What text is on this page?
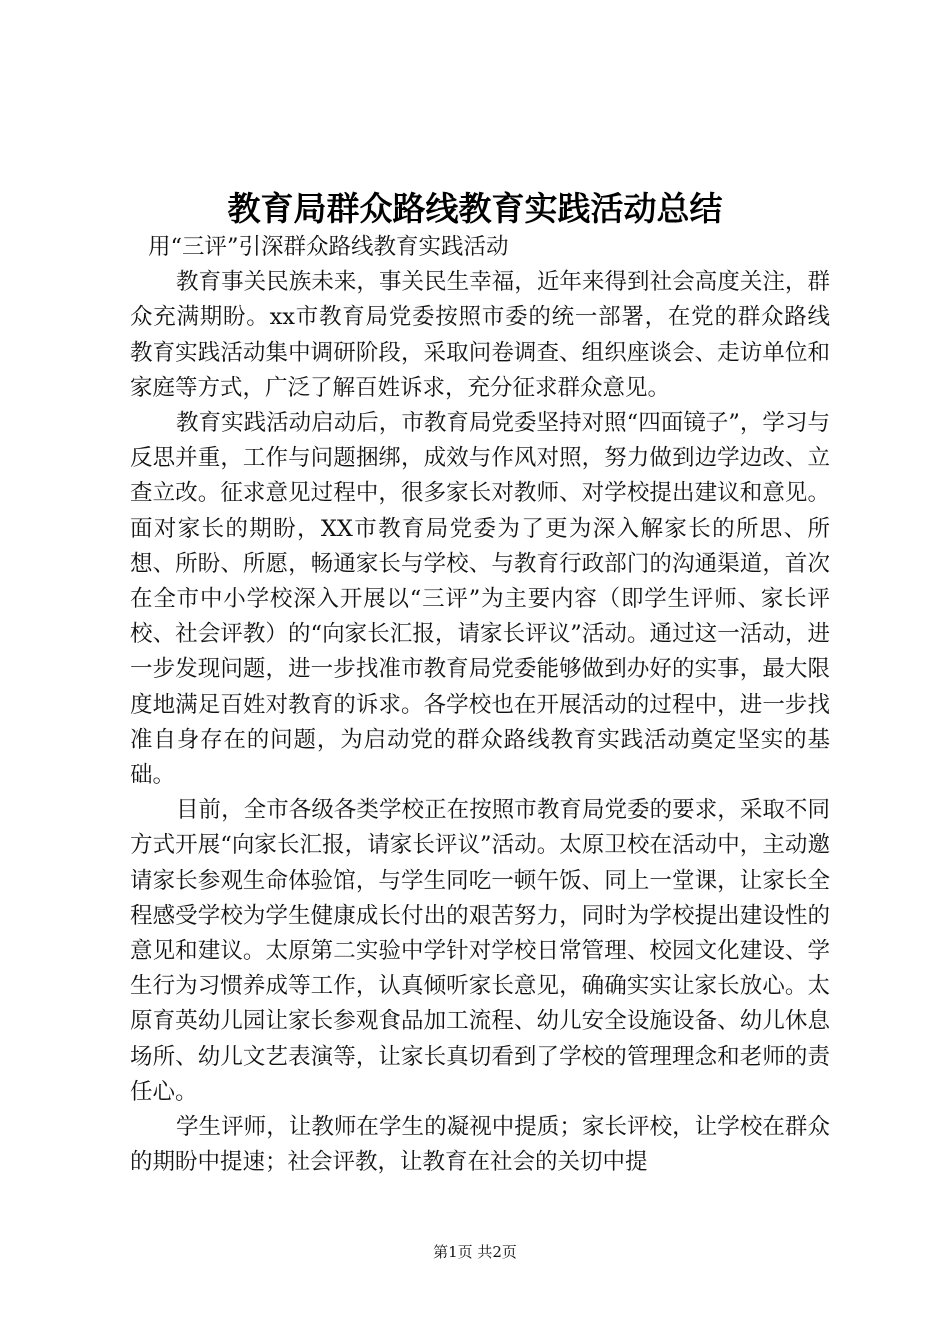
教育局群众路线教育实践活动总结

用“三评”引深群众路线教育实践活动

教育事关民族未来，事关民生幸福，近年来得到社会高度关注，群众充满期盼。xx市教育局党委按照市委的统一部署，在党的群众路线教育实践活动集中调研阶段，采取问卷调查、组织座谈会、走访单位和家庭等方式，广泛了解百姓诉求，充分征求群众意见。

教育实践活动启动后，市教育局党委坚持对照“四面镜子”，学习与反思并重，工作与问题捆绑，成效与作风对照，努力做到边学边改、立查立改。征求意见过程中，很多家长对教师、对学校提出建议和意见。面对家长的期盼，XX市教育局党委为了更为深入解家长的所思、所想、所盼、所愿，畅通家长与学校、与教育行政部门的沟通渠道，首次在全市中小学校深入开展以“三评”为主要内容（即学生评师、家长评校、社会评教）的“向家长汇报，请家长评议”活动。通过这一活动，进一步发现问题，进一步找准市教育局党委能够做到办好的实事，最大限度地满足百姓对教育的诉求。各学校也在开展活动的过程中，进一步找准自身存在的问题，为启动党的群众路线教育实践活动奠定坚实的基础。

目前，全市各级各类学校正在按照市教育局党委的要求，采取不同方式开展“向家长汇报，请家长评议”活动。太原卫校在活动中，主动邀请家长参观生命体验馆，与学生同吃一顿午饭、同上一堂课，让家长全程感受学校为学生健康成长付出的艰苦努力，同时为学校提出建设性的意见和建议。太原第二实验中学针对学校日常管理、校园文化建设、学生行为习惯养成等工作，认真倾听家长意见，确确实实让家长放心。太原育英幼儿园让家长参观食品加工流程、幼儿安全设施设备、幼儿休息场所、幼儿文艺表演等，让家长真切看到了学校的管理理念和老师的责任心。

学生评师，让教师在学生的凝视中提质；家长评校，让学校在群众的期盼中提速；社会评教，让教育在社会的关切中提

第1页 共2页
